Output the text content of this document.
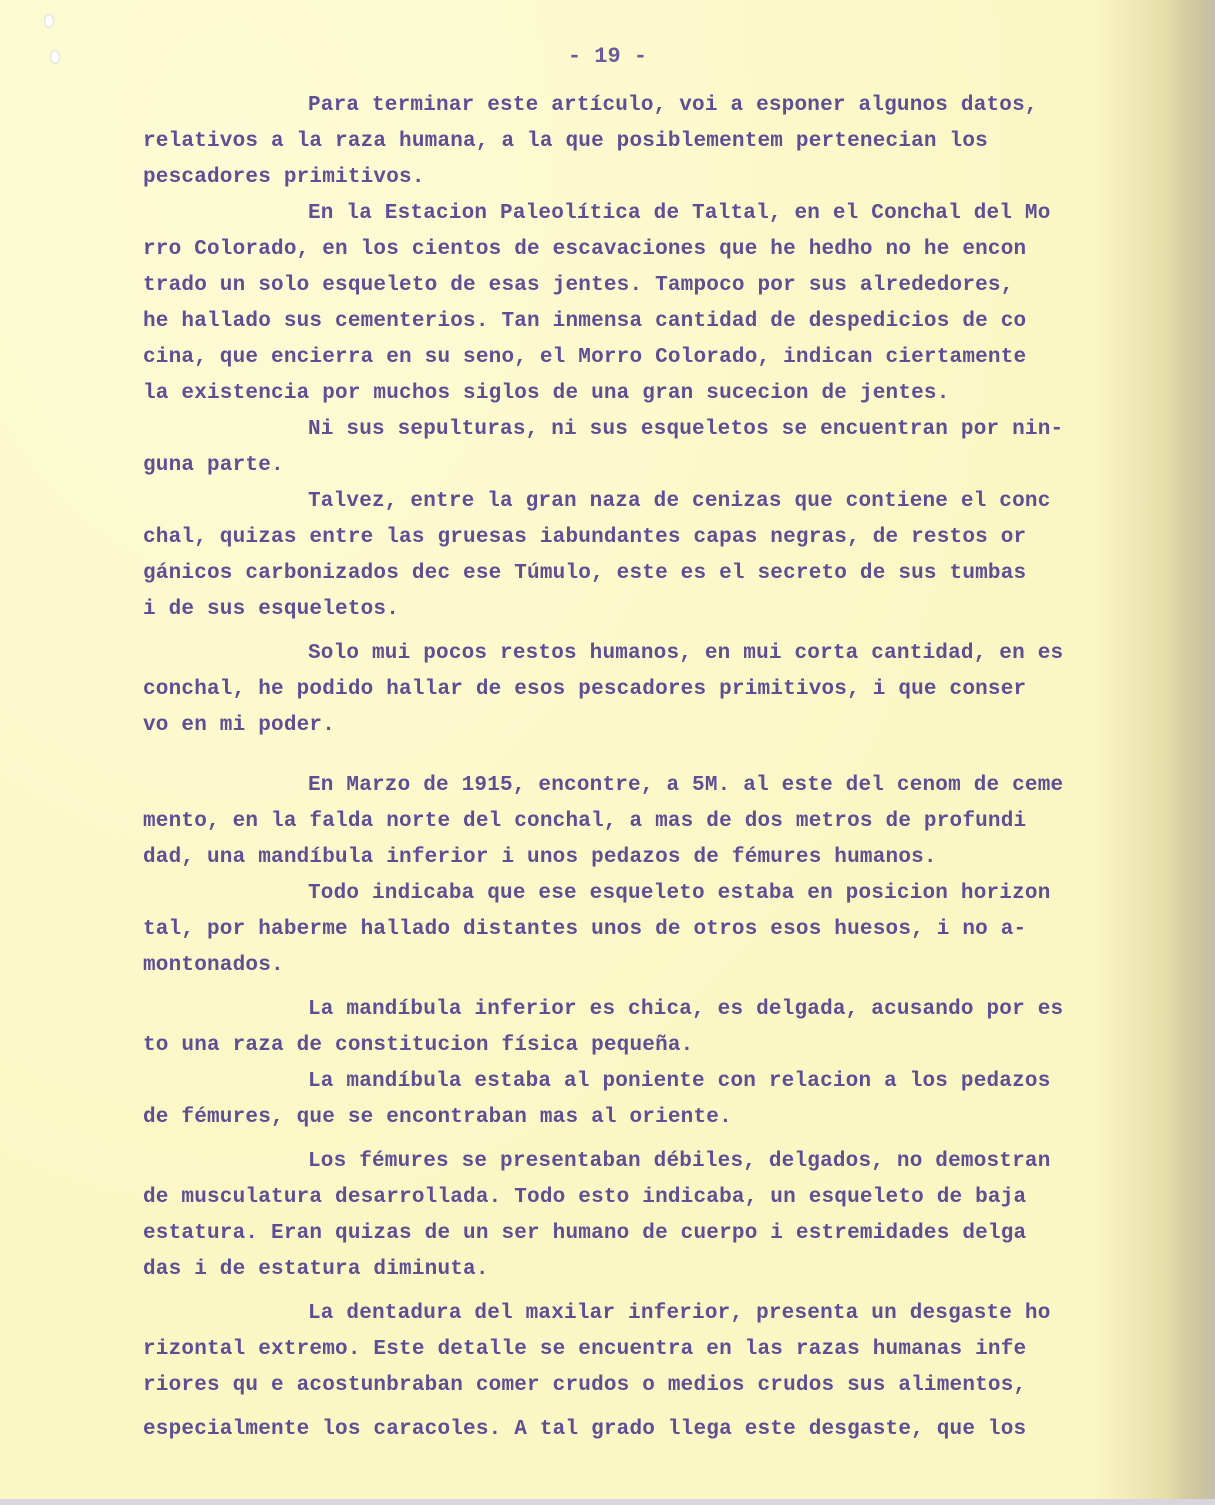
- 19 -
Para terminar este artículo, voi a esponer algunos datos,
relativos a la raza humana, a la que posiblementem pertenecian los
pescadores primitivos.
En la Estacion Paleolítica de Taltal, en el Conchal del Mo
rro Colorado, en los cientos de escavaciones que he hedho no he encon
trado un solo esqueleto de esas jentes. Tampoco por sus alrededores,
he hallado sus cementerios. Tan inmensa cantidad de despedicios de co
cina, que encierra en su seno, el Morro Colorado, indican ciertamente
la existencia por muchos siglos de una gran sucecion de jentes.
Ni sus sepulturas, ni sus esqueletos se encuentran por nin-
guna parte.
Talvez, entre la gran naza de cenizas que contiene el conc
chal, quizas entre las gruesas iabundantes capas negras, de restos or
gánicos carbonizados dec ese Túmulo, este es el secreto de sus tumbas
i de sus esqueletos.
Solo mui pocos restos humanos, en mui corta cantidad, en es
conchal, he podido hallar de esos pescadores primitivos, i que conser
vo en mi poder.
En Marzo de 1915, encontre, a 5M. al este del cenom de ceme
mento, en la falda norte del conchal, a mas de dos metros de profundi
dad, una mandíbula inferior i unos pedazos de fémures humanos.
Todo indicaba que ese esqueleto estaba en posicion horizon
tal, por haberme hallado distantes unos de otros esos huesos, i no a-
montonados.
La mandíbula inferior es chica, es delgada, acusando por es
to una raza de constitucion física pequeña.
La mandíbula estaba al poniente con relacion a los pedazos
de fémures, que se encontraban mas al oriente.
Los fémures se presentaban débiles, delgados, no demostran
de musculatura desarrollada. Todo esto indicaba, un esqueleto de baja
estatura. Eran quizas de un ser humano de cuerpo i estremidades delga
das i de estatura diminuta.
La dentadura del maxilar inferior, presenta un desgaste ho
rizontal extremo. Este detalle se encuentra en las razas humanas infe
riores qu e acostunbraban comer crudos o medios crudos sus alimentos,
especialmente los caracoles. A tal grado llega este desgaste, que los
